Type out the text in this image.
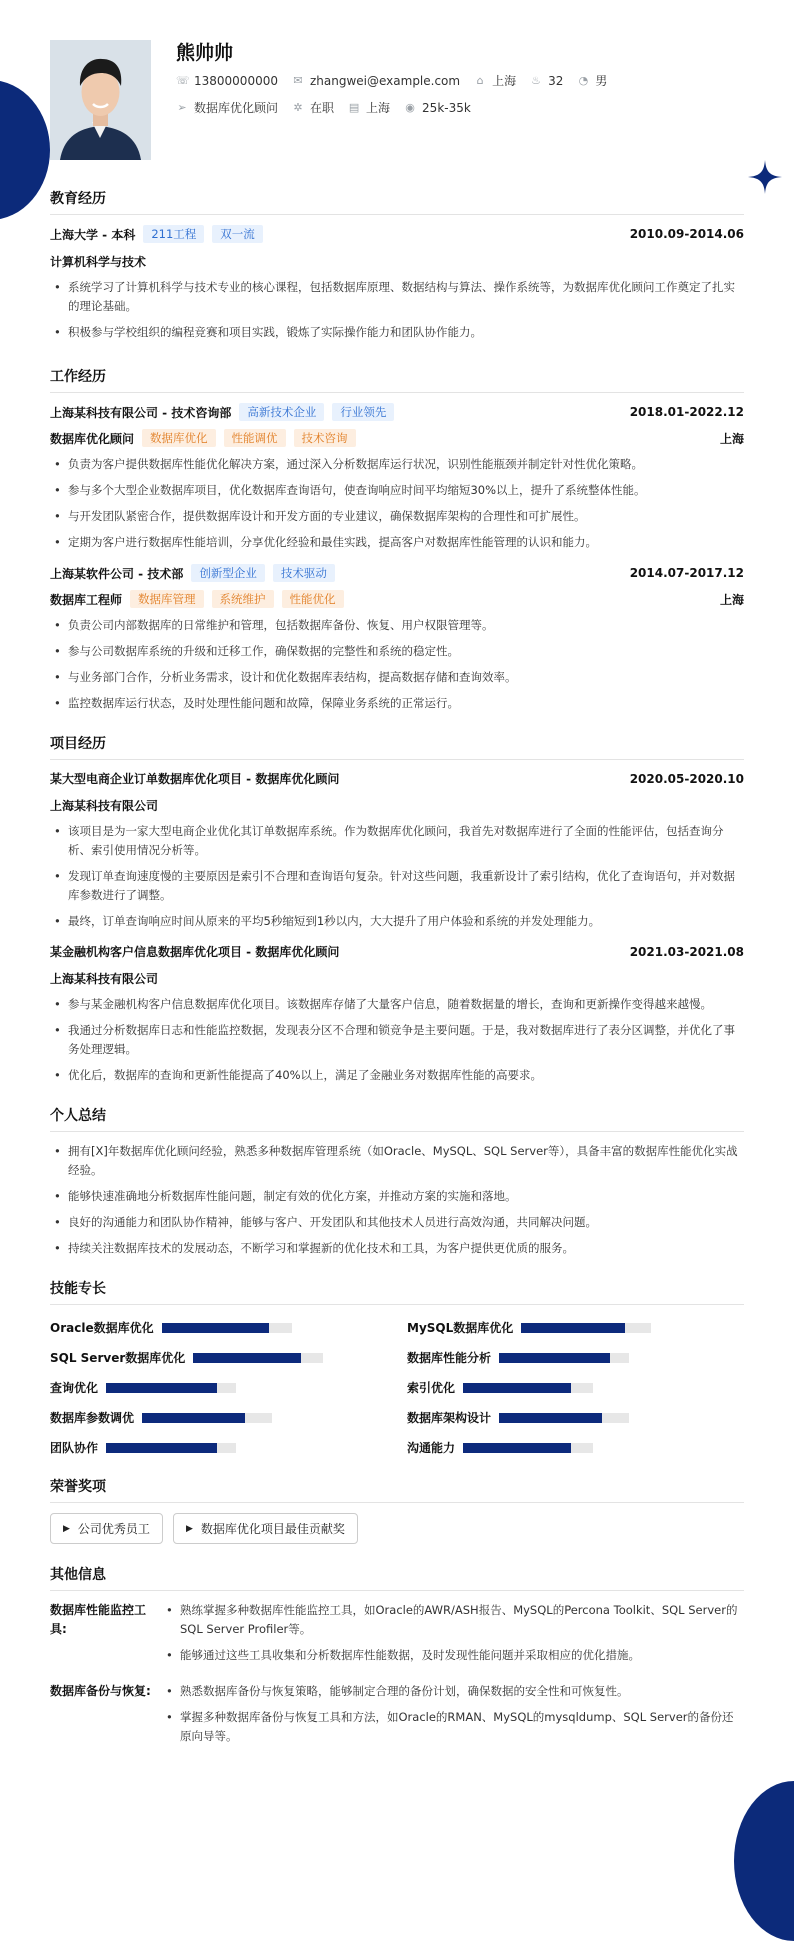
熊帅帅
☏ 13800000000 ✉ zhangwei@example.com ⌂ 上海 ♨ 32 ◔ 男
➢ 数据库优化顾问 ✲ 在职 ▤ 上海 ◉ 25k-35k
教育经历
上海大学 - 本科	211工程	双一流	2010.09-2014.06
计算机科学与技术
• 系统学习了计算机科学与技术专业的核心课程，包括数据库原理、数据结构与算法、操作系统等，为数据库优化顾问工作奠定了扎实的理论基础。
• 积极参与学校组织的编程竞赛和项目实践，锻炼了实际操作能力和团队协作能力。
工作经历
上海某科技有限公司 - 技术咨询部	高新技术企业	行业领先	2018.01-2022.12
数据库优化顾问	数据库优化	性能调优	技术咨询	上海
• 负责为客户提供数据库性能优化解决方案，通过深入分析数据库运行状况，识别性能瓶颈并制定针对性优化策略。
• 参与多个大型企业数据库项目，优化数据库查询语句，使查询响应时间平均缩短30%以上，提升了系统整体性能。
• 与开发团队紧密合作，提供数据库设计和开发方面的专业建议，确保数据库架构的合理性和可扩展性。
• 定期为客户进行数据库性能培训，分享优化经验和最佳实践，提高客户对数据库性能管理的认识和能力。
上海某软件公司 - 技术部	创新型企业	技术驱动	2014.07-2017.12
数据库工程师	数据库管理	系统维护	性能优化	上海
• 负责公司内部数据库的日常维护和管理，包括数据库备份、恢复、用户权限管理等。
• 参与公司数据库系统的升级和迁移工作，确保数据的完整性和系统的稳定性。
• 与业务部门合作，分析业务需求，设计和优化数据库表结构，提高数据存储和查询效率。
• 监控数据库运行状态，及时处理性能问题和故障，保障业务系统的正常运行。
项目经历
某大型电商企业订单数据库优化项目 - 数据库优化顾问	2020.05-2020.10
上海某科技有限公司
• 该项目是为一家大型电商企业优化其订单数据库系统。作为数据库优化顾问，我首先对数据库进行了全面的性能评估，包括查询分析、索引使用情况分析等。
• 发现订单查询速度慢的主要原因是索引不合理和查询语句复杂。针对这些问题，我重新设计了索引结构，优化了查询语句，并对数据库参数进行了调整。
• 最终，订单查询响应时间从原来的平均5秒缩短到1秒以内，大大提升了用户体验和系统的并发处理能力。
某金融机构客户信息数据库优化项目 - 数据库优化顾问	2021.03-2021.08
上海某科技有限公司
• 参与某金融机构客户信息数据库优化项目。该数据库存储了大量客户信息，随着数据量的增长，查询和更新操作变得越来越慢。
• 我通过分析数据库日志和性能监控数据，发现表分区不合理和锁竞争是主要问题。于是，我对数据库进行了表分区调整，并优化了事务处理逻辑。
• 优化后，数据库的查询和更新性能提高了40%以上，满足了金融业务对数据库性能的高要求。
个人总结
• 拥有[X]年数据库优化顾问经验，熟悉多种数据库管理系统（如Oracle、MySQL、SQL Server等），具备丰富的数据库性能优化实战经验。
• 能够快速准确地分析数据库性能问题，制定有效的优化方案，并推动方案的实施和落地。
• 良好的沟通能力和团队协作精神，能够与客户、开发团队和其他技术人员进行高效沟通，共同解决问题。
• 持续关注数据库技术的发展动态，不断学习和掌握新的优化技术和工具，为客户提供更优质的服务。
技能专长
Oracle数据库优化	MySQL数据库优化
SQL Server数据库优化	数据库性能分析
查询优化	索引优化
数据库参数调优	数据库架构设计
团队协作	沟通能力
荣誉奖项
▶ 公司优秀员工	▶ 数据库优化项目最佳贡献奖
其他信息
数据库性能监控工具:
• 熟练掌握多种数据库性能监控工具，如Oracle的AWR/ASH报告、MySQL的Percona Toolkit、SQL Server的SQL Server Profiler等。
• 能够通过这些工具收集和分析数据库性能数据，及时发现性能问题并采取相应的优化措施。
数据库备份与恢复:
•	熟悉数据库备份与恢复策略，能够制定合理的备份计划，确保数据的安全性和可恢复性。
• 掌握多种数据库备份与恢复工具和方法，如Oracle的RMAN、MySQL的mysqldump、SQL Server的备份还原向导等。
